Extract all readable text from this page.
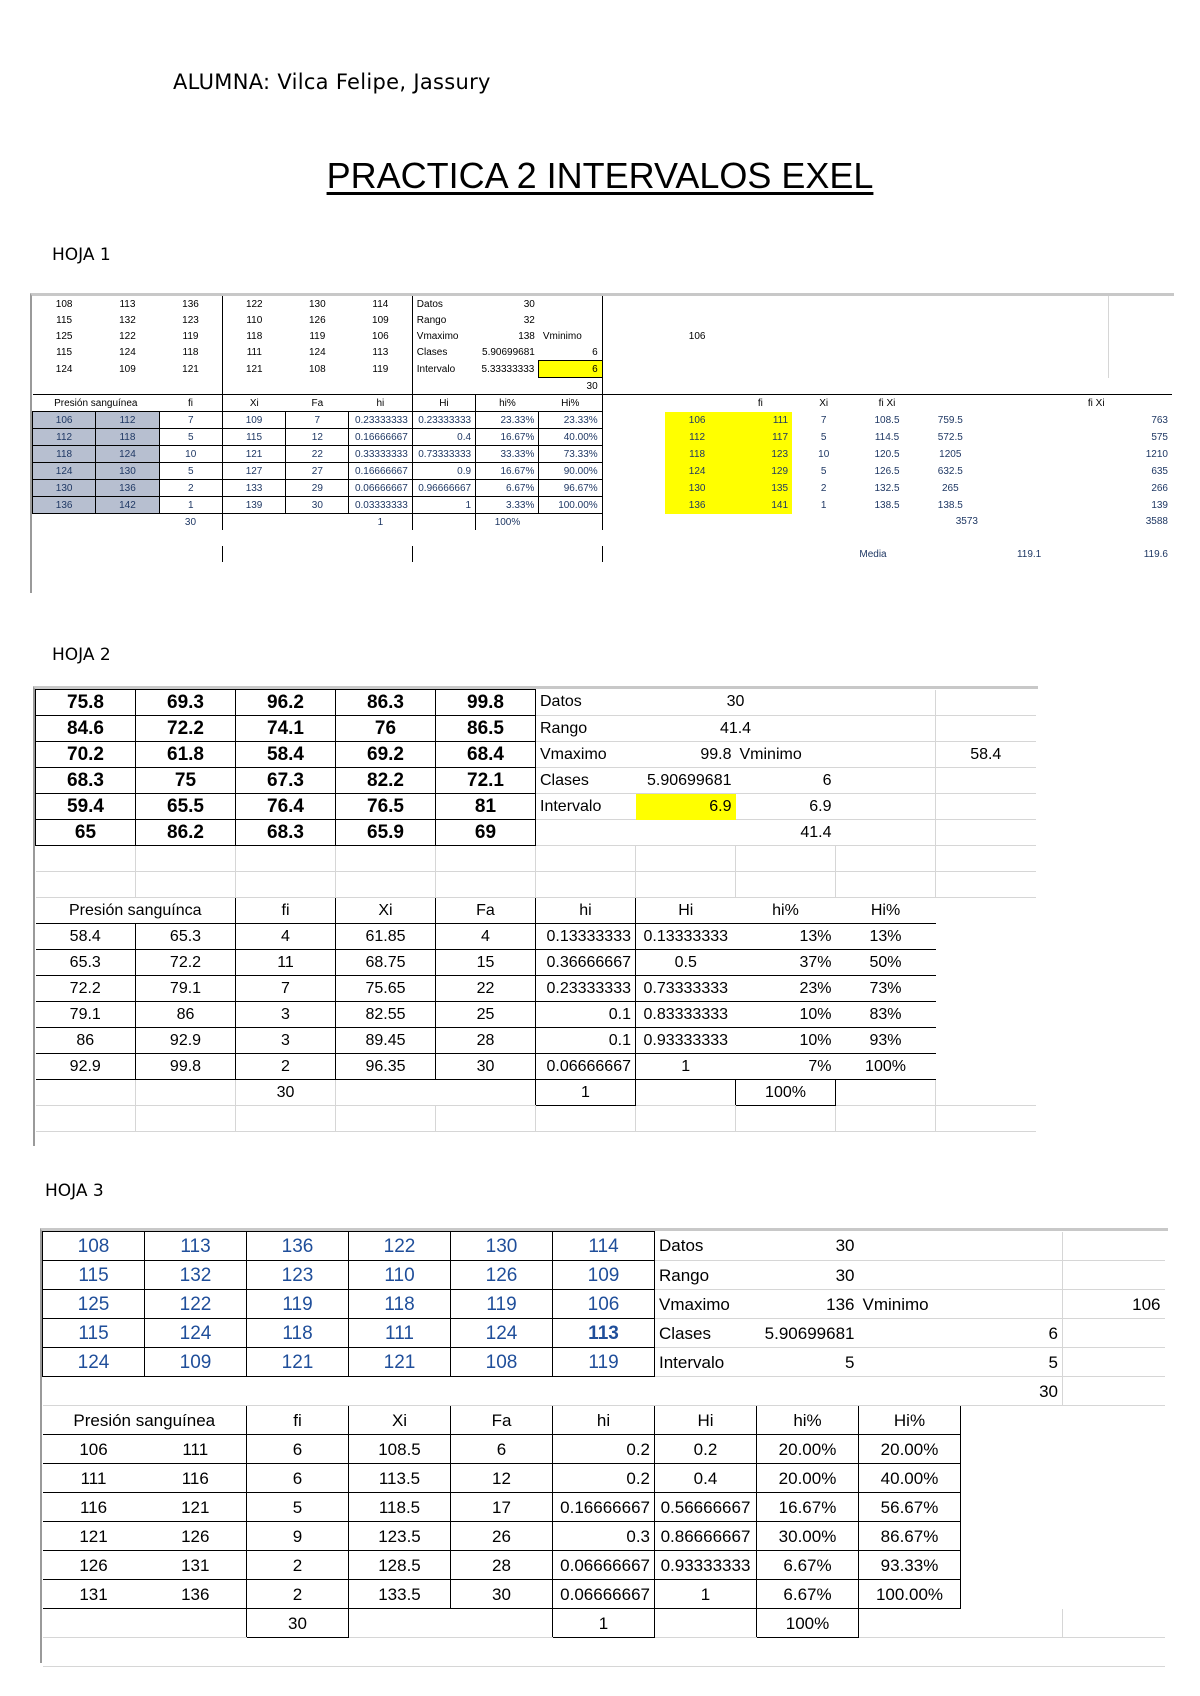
ALUMNA: Vilca Felipe, Jassury
PRACTICA 2 INTERVALOS EXEL
HOJA 1
108	113	136	122	130	114	Datos	30										
115	132	123	110	126	109	Rango	32										
125	122	119	118	119	106	Vmaximo	138	Vminimo		106							
115	124	118	111	124	113	Clases	5.90699681	6									
124	109	121	121	108	119	Intervalo	5.33333333	6									
								30									
Presión sanguínea		fi	Xi	Fa	hi	Hi	hi%	Hi%			fi	Xi	fi Xi			fi Xi	
106	112	7	109	7	0.23333333	0.23333333	23.33%	23.33%		106	111	7	108.5	759.5			763
112	118	5	115	12	0.16666667	0.4	16.67%	40.00%		112	117	5	114.5	572.5			575
118	124	10	121	22	0.33333333	0.73333333	33.33%	73.33%		118	123	10	120.5	1205			1210
124	130	5	127	27	0.16666667	0.9	16.67%	90.00%		124	129	5	126.5	632.5			635
130	136	2	133	29	0.06666667	0.96666667	6.67%	96.67%		130	135	2	132.5	265			266
136	142	1	139	30	0.03333333	1	3.33%	100.00%		136	141	1	138.5	138.5			139
		30			1		100%							3573			3588

													Media		119.1		119.6
HOJA 2
75.8	69.3	96.2	86.3	99.8	Datos	30			
84.6	72.2	74.1	76	86.5	Rango	41.4			
70.2	61.8	58.4	69.2	68.4	Vmaximo	99.8	Vminimo		58.4
68.3	75	67.3	82.2	72.1	Clases	5.90699681	6		
59.4	65.5	76.4	76.5	81	Intervalo	6.9	6.9		
65	86.2	68.3	65.9	69			41.4		

Presión sanguínca		fi	Xi	Fa	hi	Hi	hi%	Hi%	
58.4	65.3	4	61.85	4	0.13333333	0.13333333	13%	13%	
65.3	72.2	11	68.75	15	0.36666667	0.5	37%	50%	
72.2	79.1	7	75.65	22	0.23333333	0.73333333	23%	73%	
79.1	86	3	82.55	25	0.1	0.83333333	10%	83%	
86	92.9	3	89.45	28	0.1	0.93333333	10%	93%	
92.9	99.8	2	96.35	30	0.06666667	1	7%	100%	
		30			1		100%		

HOJA 3
108	113	136	122	130	114	Datos	30			
115	132	123	110	126	109	Rango	30			
125	122	119	118	119	106	Vmaximo	136	Vminimo		106
115	124	118	111	124	113	Clases	5.90699681		6	
124	109	121	121	108	119	Intervalo	5		5	
									30	
Presión sanguínea		fi	Xi	Fa	hi	Hi	hi%	Hi%		
106	111	6	108.5	6	0.2	0.2	20.00%	20.00%		
111	116	6	113.5	12	0.2	0.4	20.00%	40.00%		
116	121	5	118.5	17	0.16666667	0.56666667	16.67%	56.67%		
121	126	9	123.5	26	0.3	0.86666667	30.00%	86.67%		
126	131	2	128.5	28	0.06666667	0.93333333	6.67%	93.33%		
131	136	2	133.5	30	0.06666667	1	6.67%	100.00%		
		30			1		100%			
